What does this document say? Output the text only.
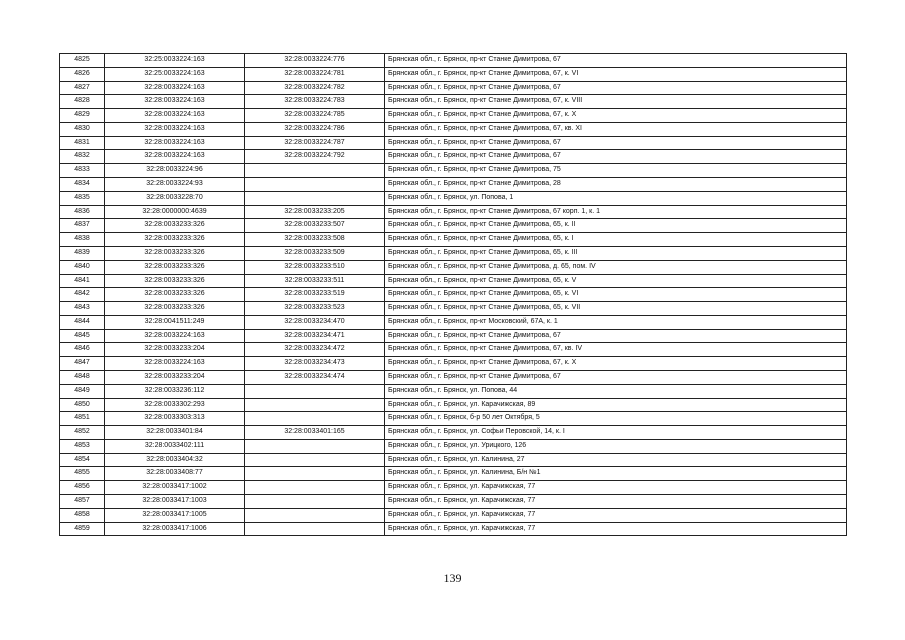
4825	32:25:0033224:163	32:28:0033224:776	Брянская обл., г. Брянск, пр-кт Станке Димитрова, 67
4826	32:25:0033224:163	32:28:0033224:781	Брянская обл., г. Брянск, пр-кт Станке Димитрова, 67, к. VI
4827	32:28:0033224:163	32:28:0033224:782	Брянская обл., г. Брянск, пр-кт Станке Димитрова, 67
4828	32:28:0033224:163	32:28:0033224:783	Брянская обл., г. Брянск, пр-кт Станке Димитрова, 67, к. VIII
4829	32:28:0033224:163	32:28:0033224:785	Брянская обл., г. Брянск, пр-кт Станке Димитрова, 67, к. X
4830	32:28:0033224:163	32:28:0033224:786	Брянская обл., г. Брянск, пр-кт Станке Димитрова, 67, кв. XI
4831	32:28:0033224:163	32:28:0033224:787	Брянская обл., г. Брянск, пр-кт Станке Димитрова, 67
4832	32:28:0033224:163	32:28:0033224:792	Брянская обл., г. Брянск, пр-кт Станке Димитрова, 67
4833	32:28:0033224:96		Брянская обл., г. Брянск, пр-кт Станке Димитрова, 75
4834	32:28:0033224:93		Брянская обл., г. Брянск, пр-кт Станке Димитрова, 28
4835	32:28:0033228:70		Брянская обл., г. Брянск, ул. Попова, 1
4836	32:28:0000000:4639	32:28:0033233:205	Брянская обл., г. Брянск, пр-кт Станке Димитрова, 67 корп. 1, к. 1
4837	32:28:0033233:326	32:28:0033233:507	Брянская обл., г. Брянск, пр-кт Станке Димитрова, 65, к. II
4838	32:28:0033233:326	32:28:0033233:508	Брянская обл., г. Брянск, пр-кт Станке Димитрова, 65, к. I
4839	32:28:0033233:326	32:28:0033233:509	Брянская обл., г. Брянск, пр-кт Станке Димитрова, 65, к. III
4840	32:28:0033233:326	32:28:0033233:510	Брянская обл., г. Брянск, пр-кт Станке Димитрова, д. 65, пом. IV
4841	32:28:0033233:326	32:28:0033233:511	Брянская обл., г. Брянск, пр-кт Станке Димитрова, 65, к. V
4842	32:28:0033233:326	32:28:0033233:519	Брянская обл., г. Брянск, пр-кт Станке Димитрова, 65, к. VI
4843	32:28:0033233:326	32:28:0033233:523	Брянская обл., г. Брянск, пр-кт Станке Димитрова, 65, к. VII
4844	32:28:0041511:249	32:28:0033234:470	Брянская обл., г. Брянск, пр-кт Московский, 67А, к. 1
4845	32:28:0033224:163	32:28:0033234:471	Брянская обл., г. Брянск, пр-кт Станке Димитрова, 67
4846	32:28:0033233:204	32:28:0033234:472	Брянская обл., г. Брянск, пр-кт Станке Димитрова, 67, кв. IV
4847	32:28:0033224:163	32:28:0033234:473	Брянская обл., г. Брянск, пр-кт Станке Димитрова, 67, к. X
4848	32:28:0033233:204	32:28:0033234:474	Брянская обл., г. Брянск, пр-кт Станке Димитрова, 67
4849	32:28:0033236:112		Брянская обл., г. Брянск, ул. Попова, 44
4850	32:28:0033302:293		Брянская обл., г. Брянск, ул. Карачижская, 89
4851	32:28:0033303:313		Брянская обл., г. Брянск, б-р 50 лет Октября, 5
4852	32:28:0033401:84	32:28:0033401:165	Брянская обл., г. Брянск, ул. Софьи Перовской, 14, к. I
4853	32:28:0033402:111		Брянская обл., г. Брянск, ул. Урицкого, 126
4854	32:28:0033404:32		Брянская обл., г. Брянск, ул. Калинина, 27
4855	32:28:0033408:77		Брянская обл., г. Брянск, ул. Калинина, Б/н №1
4856	32:28:0033417:1002		Брянская обл., г. Брянск, ул. Карачижская, 77
4857	32:28:0033417:1003		Брянская обл., г. Брянск, ул. Карачижская, 77
4858	32:28:0033417:1005		Брянская обл., г. Брянск, ул. Карачижская, 77
4859	32:28:0033417:1006		Брянская обл., г. Брянск, ул. Карачижская, 77
139
